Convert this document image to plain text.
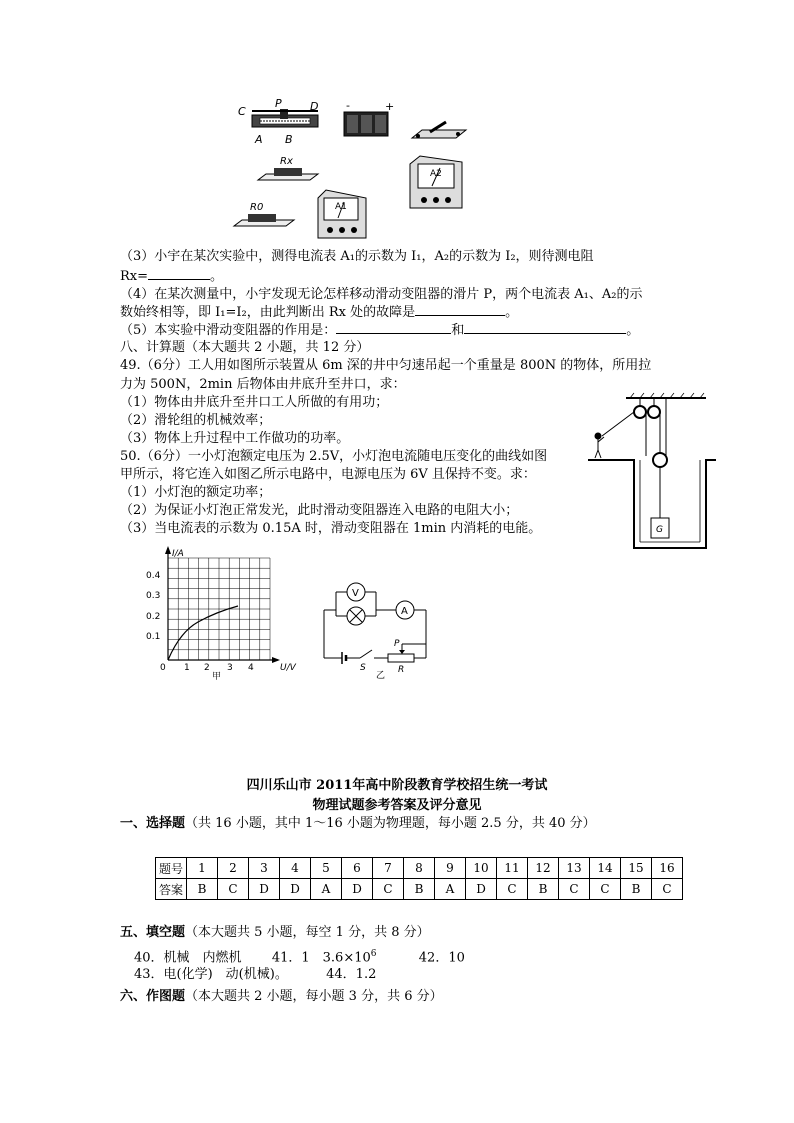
C
P	D
A B
-	+
Rx
R0	A1
A2
（3）小宇在某次实验中，测得电流表 A₁的示数为 I₁，A₂的示数为 I₂，则待测电阻
Rx=	。
（4）在某次测量中，小宇发现无论怎样移动滑动变阻器的滑片 P，两个电流表 A₁、A₂的示
数始终相等，即 I₁=I₂，由此判断出 Rx 处的故障是	。
（5）本实验中滑动变阻器的作用是：	和	。
八、计算题（本大题共 2 小题，共 12 分）
49.（6分）工人用如图所示装置从 6m 深的井中匀速吊起一个重量是 800N 的物体，所用拉
力为 500N，2min 后物体由井底升至井口，求：
（1）物体由井底升至井口工人所做的有用功；
（2）滑轮组的机械效率；
（3）物体上升过程中工作做功的功率。
50.（6分）一小灯泡额定电压为 2.5V，小灯泡电流随电压变化的曲线如图
甲所示，将它连入如图乙所示电路中，电源电压为 6V 且保持不变。求：
（1）小灯泡的额定功率；
（2）为保证小灯泡正常发光，此时滑动变阻器连入电路的电阻大小；
（3）当电流表的示数为 0.15A 时，滑动变阻器在 1min 内消耗的电能。	G
I/A
U/V
0.4
0.3
0.2
0.1
0 1 2 3 4
甲
V
A
S
P
R
乙
四川乐山市 2011年高中阶段教育学校招生统一考试
物理试题参考答案及评分意见
一、选择题（共 16 小题，其中 1～16 小题为物理题，每小题 2.5 分，共 40 分）
题号	1	2	3	4	5	6	7	8	9	10	11	12	13	14	15	16
答案	B	C	D	D	A	D	C	B	A	D	C	B	C	C	B	C
五、填空题（本大题共 5 小题，每空 1 分，共 8 分）
40．机械　内燃机 41．1　$3.6\times 10^6$	42．10
43．电(化学)　动(机械)。	44．1.2
六、作图题（本大题共 2 小题，每小题 3 分，共 6 分）
